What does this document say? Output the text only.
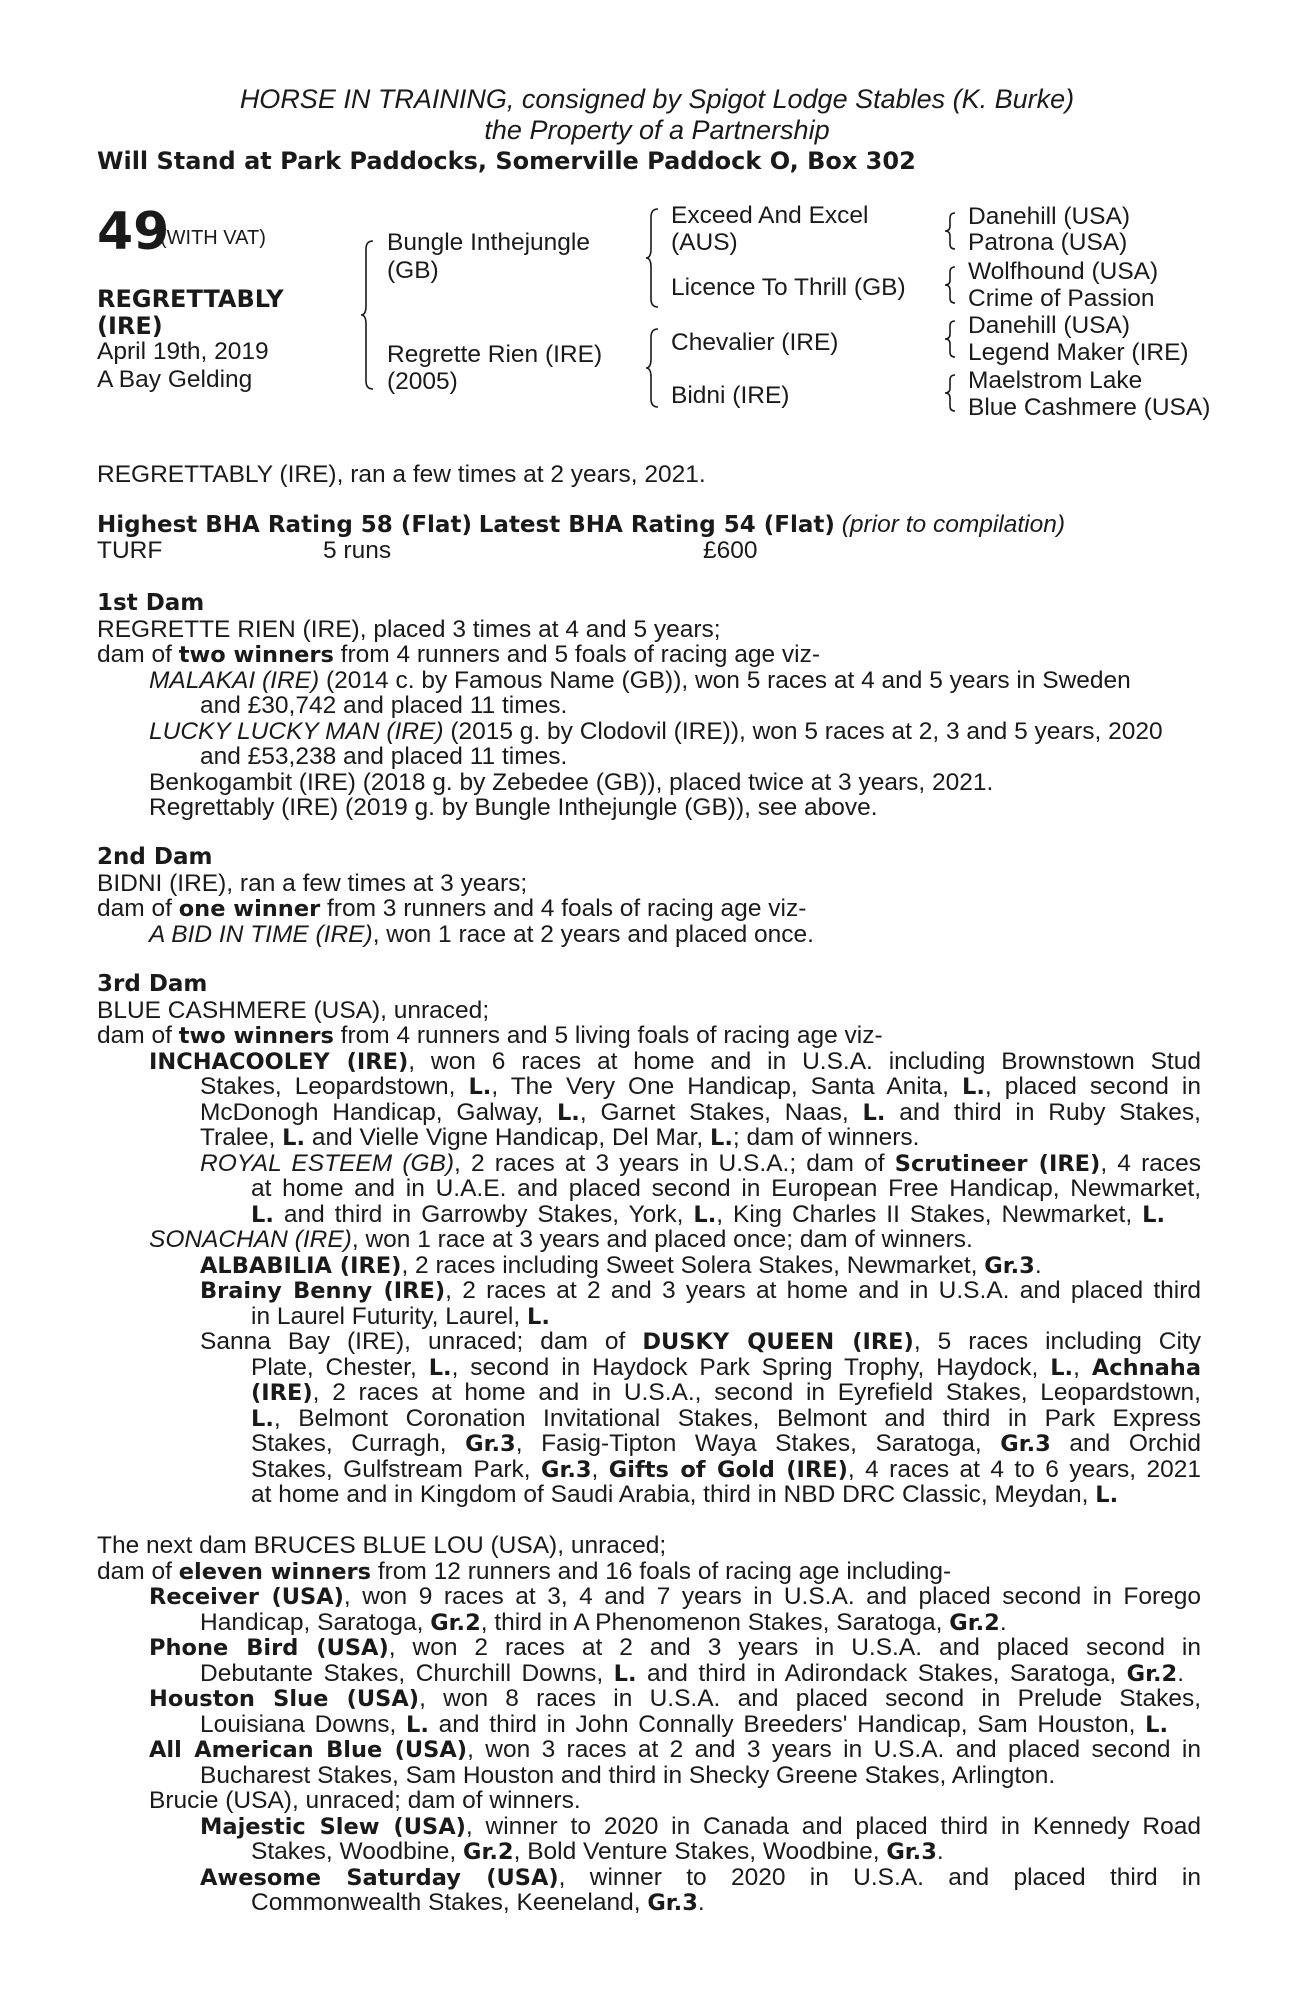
HORSE IN TRAINING, consigned by Spigot Lodge Stables (K. Burke)
the Property of a Partnership
Will Stand at Park Paddocks, Somerville Paddock O, Box 302
49
(WITH VAT)
REGRETTABLY
(IRE)
April 19th, 2019
A Bay Gelding
Bungle Inthejungle
(GB)
Regrette Rien (IRE)
(2005)
Exceed And Excel
(AUS)
Licence To Thrill (GB)
Chevalier (IRE)
Bidni (IRE)
Danehill (USA)
Patrona (USA)
Wolfhound (USA)
Crime of Passion
Danehill (USA)
Legend Maker (IRE)
Maelstrom Lake
Blue Cashmere (USA)
REGRETTABLY (IRE), ran a few times at 2 years, 2021.
Highest BHA Rating 58 (Flat) Latest BHA Rating 54 (Flat) (prior to compilation)
TURF	5 runs	£600
1st Dam
REGRETTE RIEN (IRE), placed 3 times at 4 and 5 years;
dam of two winners from 4 runners and 5 foals of racing age viz-
MALAKAI (IRE) (2014 c. by Famous Name (GB)), won 5 races at 4 and 5 years in Sweden
and £30,742 and placed 11 times.
LUCKY LUCKY MAN (IRE) (2015 g. by Clodovil (IRE)), won 5 races at 2, 3 and 5 years, 2020
and £53,238 and placed 11 times.
Benkogambit (IRE) (2018 g. by Zebedee (GB)), placed twice at 3 years, 2021.
Regrettably (IRE) (2019 g. by Bungle Inthejungle (GB)), see above.
2nd Dam
BIDNI (IRE), ran a few times at 3 years;
dam of one winner from 3 runners and 4 foals of racing age viz-
A BID IN TIME (IRE), won 1 race at 2 years and placed once.
3rd Dam
BLUE CASHMERE (USA), unraced;
dam of two winners from 4 runners and 5 living foals of racing age viz-
INCHACOOLEY (IRE), won 6 races at home and in U.S.A. including Brownstown Stud
Stakes, Leopardstown, L., The Very One Handicap, Santa Anita, L., placed second in
McDonogh Handicap, Galway, L., Garnet Stakes, Naas, L. and third in Ruby Stakes,
Tralee, L. and Vielle Vigne Handicap, Del Mar, L.; dam of winners.
ROYAL ESTEEM (GB), 2 races at 3 years in U.S.A.; dam of Scrutineer (IRE), 4 races
at home and in U.A.E. and placed second in European Free Handicap, Newmarket,
L. and third in Garrowby Stakes, York, L., King Charles II Stakes, Newmarket, L.
SONACHAN (IRE), won 1 race at 3 years and placed once; dam of winners.
ALBABILIA (IRE), 2 races including Sweet Solera Stakes, Newmarket, Gr.3.
Brainy Benny (IRE), 2 races at 2 and 3 years at home and in U.S.A. and placed third
in Laurel Futurity, Laurel, L.
Sanna Bay (IRE), unraced; dam of DUSKY QUEEN (IRE), 5 races including City
Plate, Chester, L., second in Haydock Park Spring Trophy, Haydock, L., Achnaha
(IRE), 2 races at home and in U.S.A., second in Eyrefield Stakes, Leopardstown,
L., Belmont Coronation Invitational Stakes, Belmont and third in Park Express
Stakes, Curragh, Gr.3, Fasig-Tipton Waya Stakes, Saratoga, Gr.3 and Orchid
Stakes, Gulfstream Park, Gr.3, Gifts of Gold (IRE), 4 races at 4 to 6 years, 2021
at home and in Kingdom of Saudi Arabia, third in NBD DRC Classic, Meydan, L.
The next dam BRUCES BLUE LOU (USA), unraced;
dam of eleven winners from 12 runners and 16 foals of racing age including-
Receiver (USA), won 9 races at 3, 4 and 7 years in U.S.A. and placed second in Forego
Handicap, Saratoga, Gr.2, third in A Phenomenon Stakes, Saratoga, Gr.2.
Phone Bird (USA), won 2 races at 2 and 3 years in U.S.A. and placed second in
Debutante Stakes, Churchill Downs, L. and third in Adirondack Stakes, Saratoga, Gr.2.
Houston Slue (USA), won 8 races in U.S.A. and placed second in Prelude Stakes,
Louisiana Downs, L. and third in John Connally Breeders' Handicap, Sam Houston, L.
All American Blue (USA), won 3 races at 2 and 3 years in U.S.A. and placed second in
Bucharest Stakes, Sam Houston and third in Shecky Greene Stakes, Arlington.
Brucie (USA), unraced; dam of winners.
Majestic Slew (USA), winner to 2020 in Canada and placed third in Kennedy Road
Stakes, Woodbine, Gr.2, Bold Venture Stakes, Woodbine, Gr.3.
Awesome Saturday (USA), winner to 2020 in U.S.A. and placed third in
Commonwealth Stakes, Keeneland, Gr.3.
